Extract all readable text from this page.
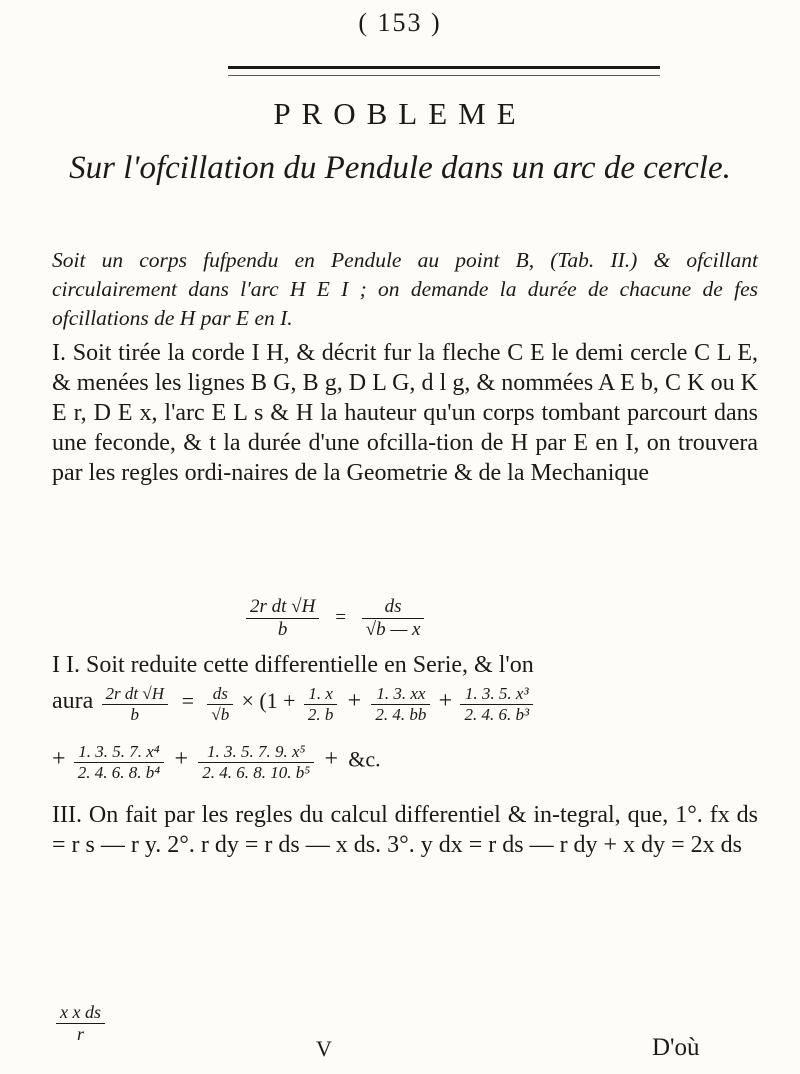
( 153 )
PROBLEME
Sur l'ofcillation du Pendule dans un arc de cercle.

Soit un corps fufpendu en Pendule au point B, (Tab. II.) & ofcillant circulairement dans l'arc H E I ; on demande la durée de chacune de fes ofcillations de H par E en I.

I. Soit tirée la corde I H, & décrit fur la fleche C E le demi cercle C L E, & menées les lignes B G, B g, D L G, d l g, & nommées A E b, C K ou K E r, D E x, l'arc E L s & H la hauteur qu'un corps tombant parcourt dans une feconde, & t la durée d'une ofcilla-tion de H par E en I, on trouvera par les regles ordi-naires de la Geometrie & de la Mechanique

$\frac{\text{2r dt √H}}{b} = \frac{ds}{√b — x}$

I I. Soit reduite cette differentielle en Serie, & l'on

aura $\frac{\text{2r dt √H}}{b} = \frac{ds}{√b} \times (1 + \frac{1. x}{2. b} + \frac{1. 3. xx}{2. 4. bb} + \frac{\text{1. 3. 5. x³}}{\text{2. 4. 6. b³}}$
+ $\frac{\text{1. 3. 5. 7. x⁴}}{\text{2. 4. 6. 8. b⁴}} + \frac{\text{1. 3. 5. 7. 9. x⁵}}{\text{2. 4. 6. 8. 10. b⁵}}$ + &c.

III. On fait par les regles du calcul differentiel & in-tegral, que, 1°. fx ds = r s — r y. 2°. r dy = r ds — x ds. 3°. y dx = r ds — r dy + x dy = 2x ds

$\frac{\text{x x ds}}{r}$
V	D'où
